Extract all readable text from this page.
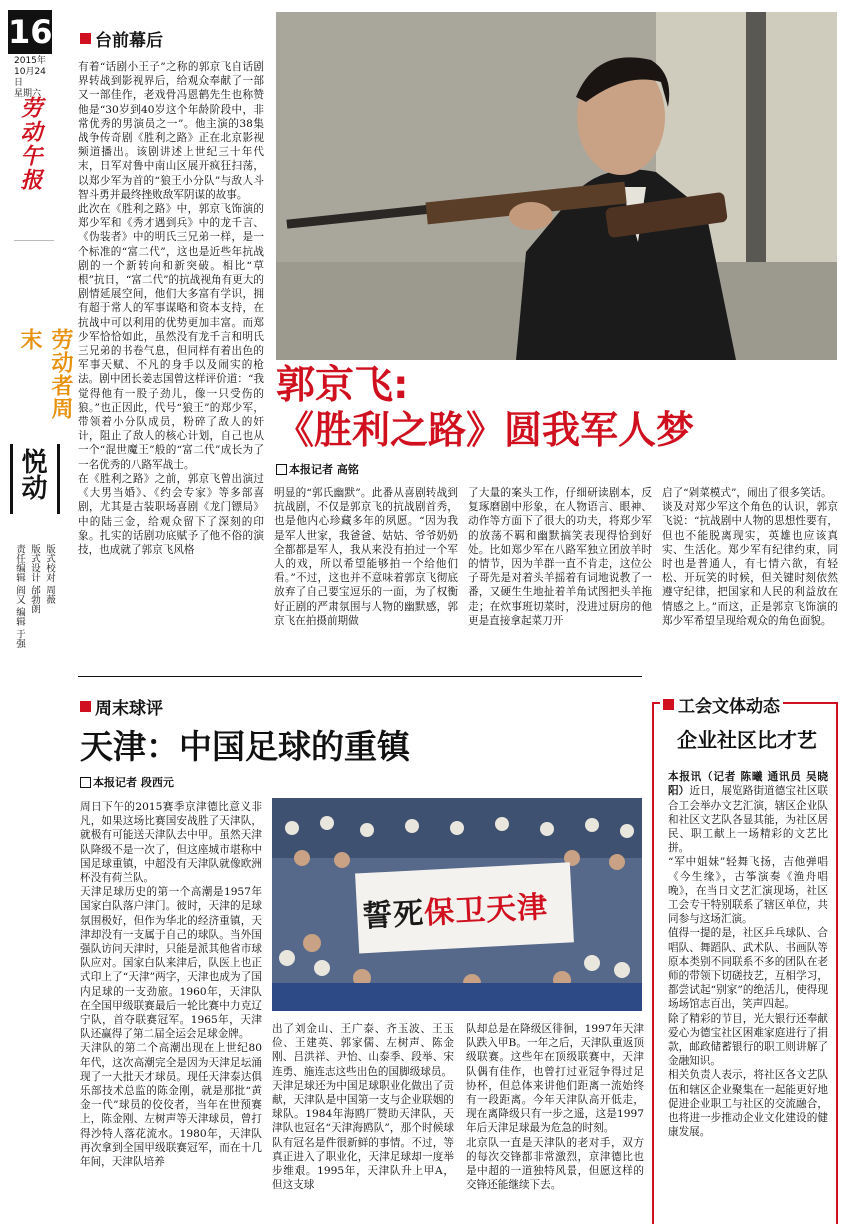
16
2015年
10月24日
星期六
劳动午报
劳动者周末
悦动
版式校对 周薇
版式设计 邰勃朗
责任编辑 阎又 编辑 于强
台前幕后
有着“话剧小王子”之称的郭京飞自话剧界转战到影视界后，给观众奉献了一部又一部佳作，老戏骨冯恩鹤先生也称赞他是“30岁到40岁这个年龄阶段中，非常优秀的男演员之一”。他主演的38集战争传奇剧《胜利之路》正在北京影视频道播出。该剧讲述上世纪三十年代末，日军对鲁中南山区展开疯狂扫荡，以郑少军为首的“狼王小分队”与敌人斗智斗勇并最终挫败敌军阴谋的故事。
此次在《胜利之路》中，郭京飞饰演的郑少军和《秀才遇到兵》中的龙千言、《伪装者》中的明氏三兄弟一样，是一个标准的“富二代”，这也是近些年抗战剧的一个新转向和新突破。相比“草根”抗日，“富二代”的抗战视角有更大的剧情延展空间，他们大多富有学识，拥有超于常人的军事谋略和资本支持，在抗战中可以利用的优势更加丰富。而郑少军恰恰如此，虽然没有龙千言和明氏三兄弟的书卷气息，但同样有着出色的军事天赋、不凡的身手以及闹实的枪法。剧中团长姜志国曾这样评价道：“我觉得他有一股子劲儿，像一只受伤的狼。”也正因此，代号“狼王”的郑少军，带领着小分队成员，粉碎了敌人的奸计，阻止了敌人的核心计划，自己也从一个“混世魔王”般的“富二代”成长为了一名优秀的八路军战士。
在《胜利之路》之前，郭京飞曾出演过《大男当婚》、《约会专家》等多部喜剧，尤其是古装职场喜剧《龙门镖局》中的陆三金，给观众留下了深刻的印象。扎实的话剧功底赋予了他不俗的演技，也成就了郭京飞风格
郭京飞:
《胜利之路》圆我军人梦
本报记者 高铭
明显的“郭氏幽默”。此番从喜剧转战到抗战剧，不仅是郭京飞的抗战剧首秀，也是他内心珍藏多年的夙愿。“因为我是军人世家，我爸爸、姑姑、爷爷奶奶全都都是军人，我从来没有拍过一个军人的戏，所以希望能够拍一个给他们看。”不过，这也并不意味着郭京飞彻底放弃了自己要宝逗乐的一面，为了权衡好正剧的严肃氛围与人物的幽默感，郭京飞在拍摄前期做
了大量的案头工作，仔细研读剧本，反复琢磨剧中形象，在人物语言、眼神、动作等方面下了很大的功夫，将郑少军的放荡不羁和幽默搞笑表现得恰到好处。比如郑少军在八路军独立团放羊时的情节，因为羊群一直不肯走，这位公子哥先是对着头羊摇着有词地说教了一番，又硬生生地扯着羊角试图把头羊拖走；在炊事班切菜时，没进过厨房的他更是直接拿起菜刀开
启了“剁菜模式”，闹出了很多笑话。
谈及对郑少军这个角色的认识，郭京飞说：“抗战剧中人物的思想性要有，但也不能脱离现实，英雄也应该真实、生活化。郑少军有纪律约束，同时也是普通人，有七情六欲，有轻松、开玩笑的时候，但关键时刻依然遵守纪律，把国家和人民的利益放在情感之上。”而这，正是郭京飞饰演的郑少军希望呈现给观众的角色面貌。
周末球评
天津：中国足球的重镇
本报记者 段西元
周日下午的2015赛季京津德比意义非凡，如果这场比赛国安战胜了天津队，就极有可能送天津队去中甲。虽然天津队降级不是一次了，但这座城市堪称中国足球重镇，中超没有天津队就像欧洲杯没有荷兰队。
天津足球历史的第一个高潮是1957年国家白队落户津门。彼时，天津的足球氛围极好，但作为华北的经济重镇，天津却没有一支属于自己的球队。当外国强队访问天津时，只能是派其他省市球队应对。国家白队来津后，队医上也正式印上了“天津”两字，天津也成为了国内足球的一支劲旅。1960年，天津队在全国甲级联赛最后一轮比赛中力克辽宁队，首夺联赛冠军。1965年，天津队还赢得了第二届全运会足球金牌。
天津队的第二个高潮出现在上世纪80年代，这次高潮完全是因为天津足坛涌现了一大批天才球员。现任天津泰达俱乐部技术总监的陈金刚，就是那批“黄金一代”球员的佼佼者，当年在世预赛上，陈金刚、左树声等天津球员，曾打得沙特人落花流水。1980年，天津队再次拿到全国甲级联赛冠军，而在十几年间，天津队培养
誓死保卫天津
出了刘金山、王广泰、齐玉波、王玉俭、王建英、郭家儒、左树声、陈金刚、吕洪祥、尹怡、山泰季、段举、宋连勇、施连志这些出色的国脚级球员。
天津足球还为中国足球职业化做出了贡献，天津队是中国第一支与企业联姻的球队。1984年海鸥厂赞助天津队，天津队也冠名“天津海鸥队”，那个时候球队有冠名是件很新鲜的事情。不过，等真正进入了职业化，天津足球却一度举步维艰。1995年，天津队升上甲A，但这支球
队却总是在降级区徘徊，1997年天津队跌入甲B。一年之后，天津队重返顶级联赛。这些年在顶级联赛中，天津队偶有佳作，也曾打过亚冠争得过足协杯，但总体来讲他们距离一流始终有一段距离。今年天津队高开低走，现在离降级只有一步之遥，这是1997年后天津足球最为危急的时刻。
北京队一直是天津队的老对手，双方的每次交锋都非常激烈，京津德比也是中超的一道独特风景，但愿这样的交锋还能继续下去。
工会文体动态
企业社区比才艺

本报讯（记者 陈曦 通讯员 吴晓阳）近日，展览路街道德宝社区联合工会举办文艺汇演，辖区企业队和社区文艺队各显其能，为社区居民、职工献上一场精彩的文艺比拼。
“军中姐妹”轻舞飞扬，吉他弹唱《今生缘》，古筝演奏《渔舟唱晚》，在当日文艺汇演现场，社区工会专干特别联系了辖区单位，共同参与这场汇演。
值得一提的是，社区乒乓球队、合唱队、舞蹈队、武术队、书画队等原本类别不同联系不多的团队在老师的带领下切磋技艺，互相学习，都尝试起“别家”的绝活儿，使得现场场馆志百出，笑声四起。
除了精彩的节目，光大银行还奉献爱心为德宝社区困难家庭进行了捐款，邮政储蓄银行的职工则讲解了金融知识。
相关负责人表示，将社区各文艺队伍和辖区企业聚集在一起能更好地促进企业职工与社区的交流融合，也将进一步推动企业文化建设的健康发展。
